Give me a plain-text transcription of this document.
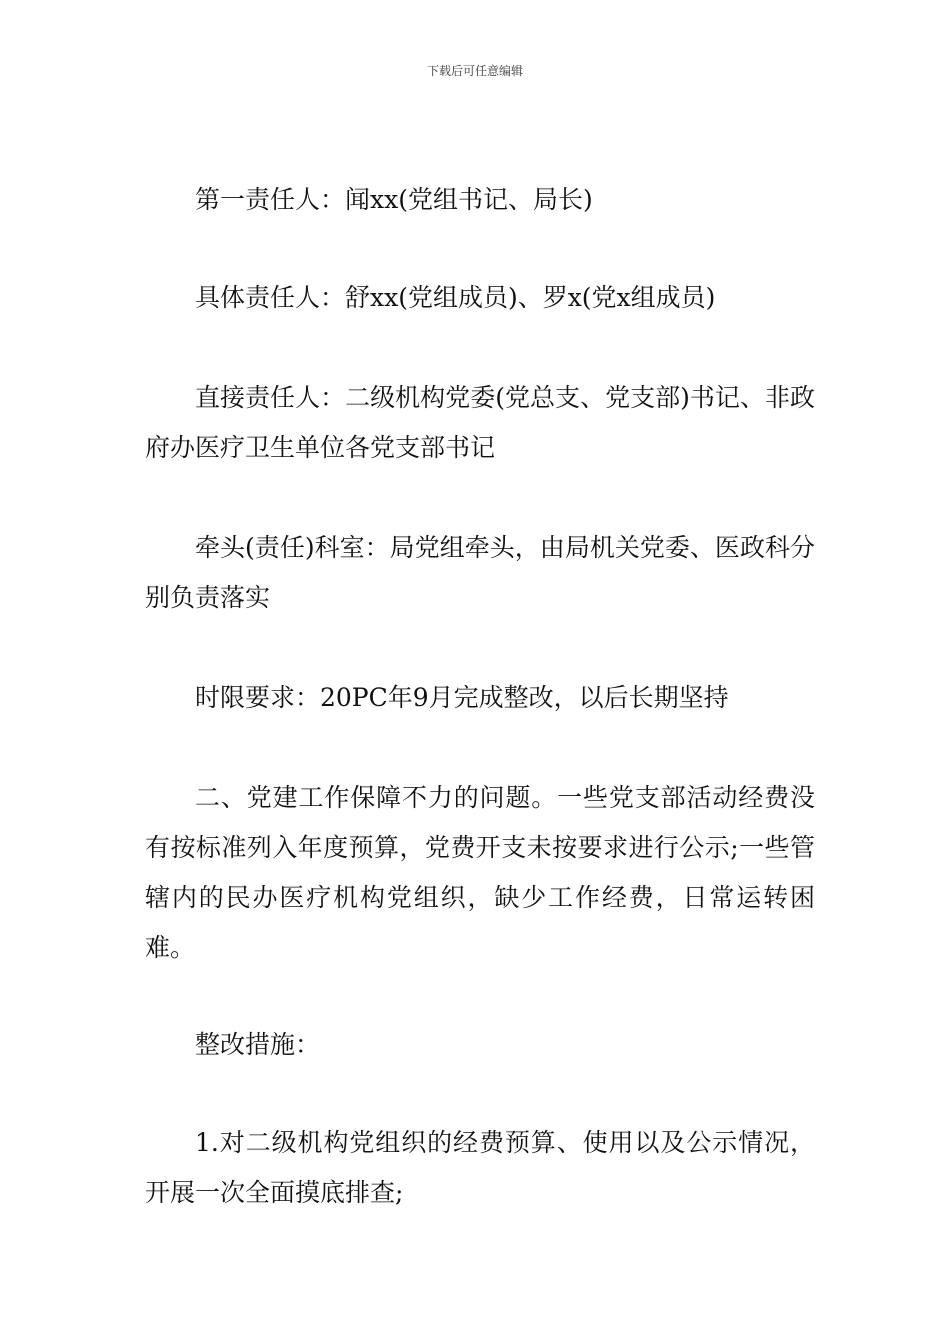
下载后可任意编辑

第一责任人：闻xx(党组书记、局长)

具体责任人：舒xx(党组成员)、罗x(党x组成员)

直接责任人：二级机构党委(党总支、党支部)书记、非政府办医疗卫生单位各党支部书记

牵头(责任)科室：局党组牵头，由局机关党委、医政科分别负责落实

时限要求：20PC年9月完成整改，以后长期坚持

二、党建工作保障不力的问题。一些党支部活动经费没有按标准列入年度预算，党费开支未按要求进行公示;一些管辖内的民办医疗机构党组织，缺少工作经费，日常运转困难。

整改措施：

1.对二级机构党组织的经费预算、使用以及公示情况，开展一次全面摸底排查;
